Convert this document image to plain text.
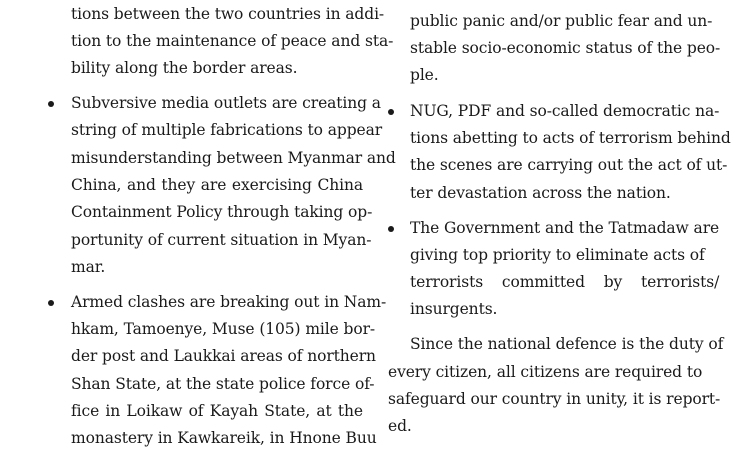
tions between the two countries in addi-
tion to the maintenance of peace and sta-
bility along the border areas.
Subversive media outlets are creating a
string of multiple fabrications to appear
misunderstanding between Myanmar and
China, and they are exercising China
Containment Policy through taking op-
portunity of current situation in Myan-
mar.
Armed clashes are breaking out in Nam-
hkam, Tamoenye, Muse (105) mile bor-
der post and Laukkai areas of northern
Shan State, at the state police force of-
fice in Loikaw of Kayah State, at the
monastery in Kawkareik, in Hnone Buu
public panic and/or public fear and un-
stable socio-economic status of the peo-
ple.
NUG, PDF and so-called democratic na-
tions abetting to acts of terrorism behind
the scenes are carrying out the act of ut-
ter devastation across the nation.
The Government and the Tatmadaw are
giving top priority to eliminate acts of
terrorists committed by terrorists/
insurgents.
Since the national defence is the duty of
every citizen, all citizens are required to
safeguard our country in unity, it is report-
ed.
